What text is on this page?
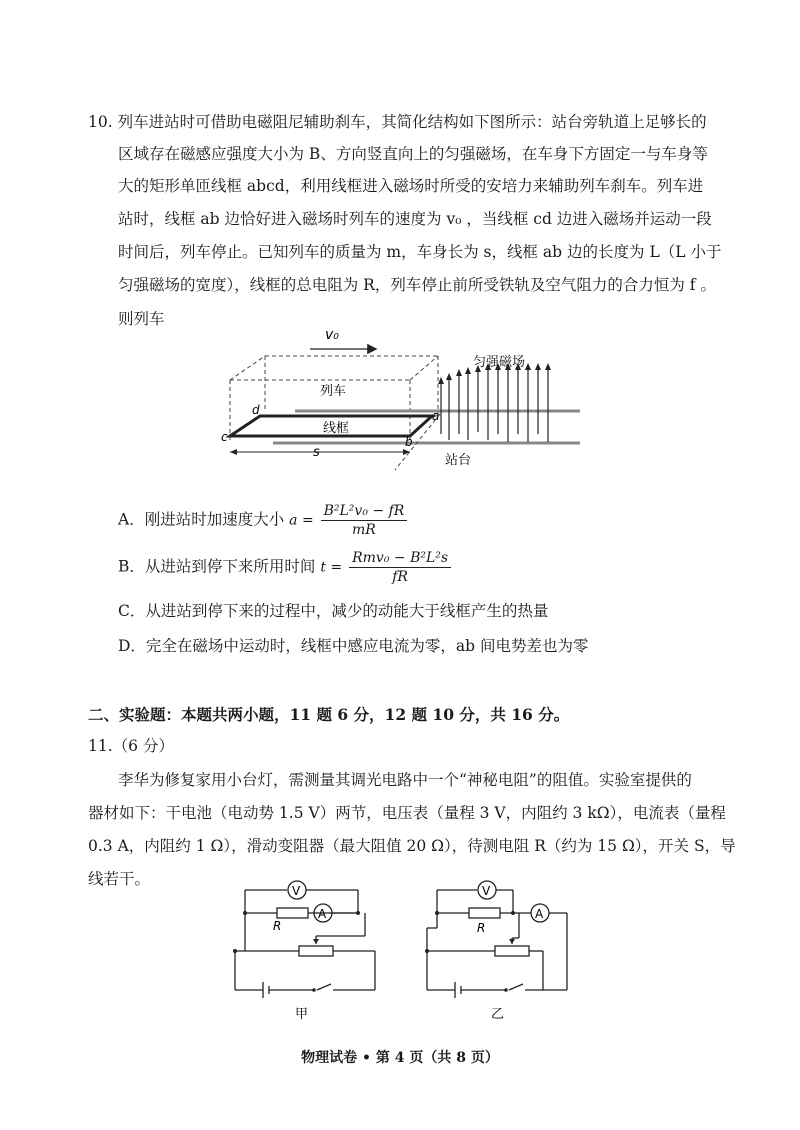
10. 列车进站时可借助电磁阻尼辅助刹车，其简化结构如下图所示：站台旁轨道上足够长的
区域存在磁感应强度大小为 B、方向竖直向上的匀强磁场，在车身下方固定一与车身等
大的矩形单匝线框 abcd，利用线框进入磁场时所受的安培力来辅助列车刹车。列车进
站时，线框 ab 边恰好进入磁场时列车的速度为 v₀ ，当线框 cd 边进入磁场并运动一段
时间后，列车停止。已知列车的质量为 m，车身长为 s，线框 ab 边的长度为 L（L 小于
匀强磁场的宽度），线框的总电阻为 R，列车停止前所受铁轨及空气阻力的合力恒为 f 。
则列车
v₀
列车
线框
d
c
a
b
s
匀强磁场
站台
A．刚进站时加速度大小 $a = \frac{\text{B²L²v₀ − fR}}{mR}$
B．从进站到停下来所用时间 $t = \frac{\text{Rmv₀ − B²L²s}}{fR}$
C．从进站到停下来的过程中，减少的动能大于线框产生的热量
D．完全在磁场中运动时，线框中感应电流为零，ab 间电势差也为零
二、实验题：本题共两小题，11 题 6 分，12 题 10 分，共 16 分。
11.（6 分）
李华为修复家用小台灯，需测量其调光电路中一个“神秘电阻”的阻值。实验室提供的
器材如下：干电池（电动势 1.5 V）两节，电压表（量程 3 V，内阻约 3 kΩ），电流表（量程
0.3 A，内阻约 1 Ω），滑动变阻器（最大阻值 20 Ω），待测电阻 R（约为 15 Ω），开关 S，导
线若干。
V
A
V
A
R	R
甲	乙
物理试卷 • 第 4 页（共 8 页）
